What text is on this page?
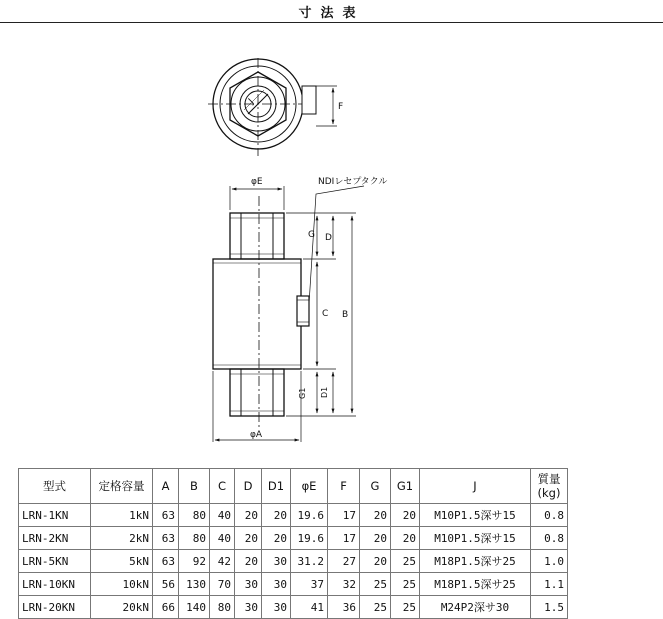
寸法表
J
F
φE	NDIレセプタクル
G D
C B
G1 D1
φA
型式	定格容量	A	B	C	D	D1	φE	F	G	G1	J	質量
(kg)
LRN-1KN	1kN	63	80	40	20	20	19.6	17	20	20	M10P1.5深サ15	0.8
LRN-2KN	2kN	63	80	40	20	20	19.6	17	20	20	M10P1.5深サ15	0.8
LRN-5KN	5kN	63	92	42	20	30	31.2	27	20	25	M18P1.5深サ25	1.0
LRN-10KN	10kN	56	130	70	30	30	37	32	25	25	M18P1.5深サ25	1.1
LRN-20KN	20kN	66	140	80	30	30	41	36	25	25	M24P2深サ30	1.5
